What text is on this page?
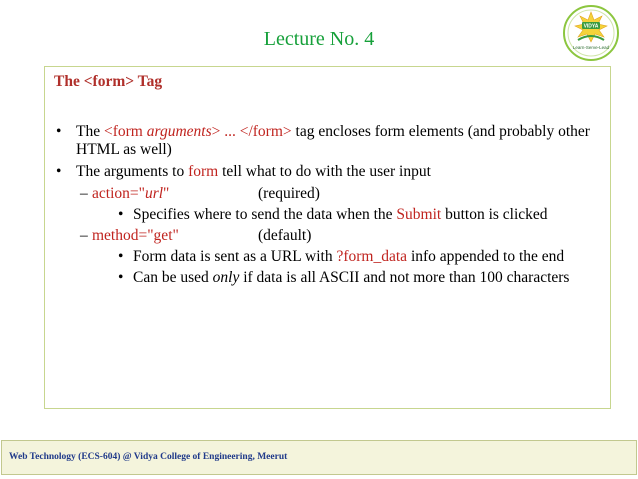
Lecture No. 4
VIDYA
Learn-Serve-Lead
The <form> Tag
• The <form arguments> ... </form> tag encloses form elements (and probably other HTML as well)
• The arguments to form tell what to do with the user input
– action="url"	(required)
• Specifies where to send the data when the Submit button is clicked
– method="get"	(default)
• Form data is sent as a URL with ?form_data info appended to the end
• Can be used only if data is all ASCII and not more than 100 characters
Web Technology (ECS-604) @ Vidya College of Engineering, Meerut
